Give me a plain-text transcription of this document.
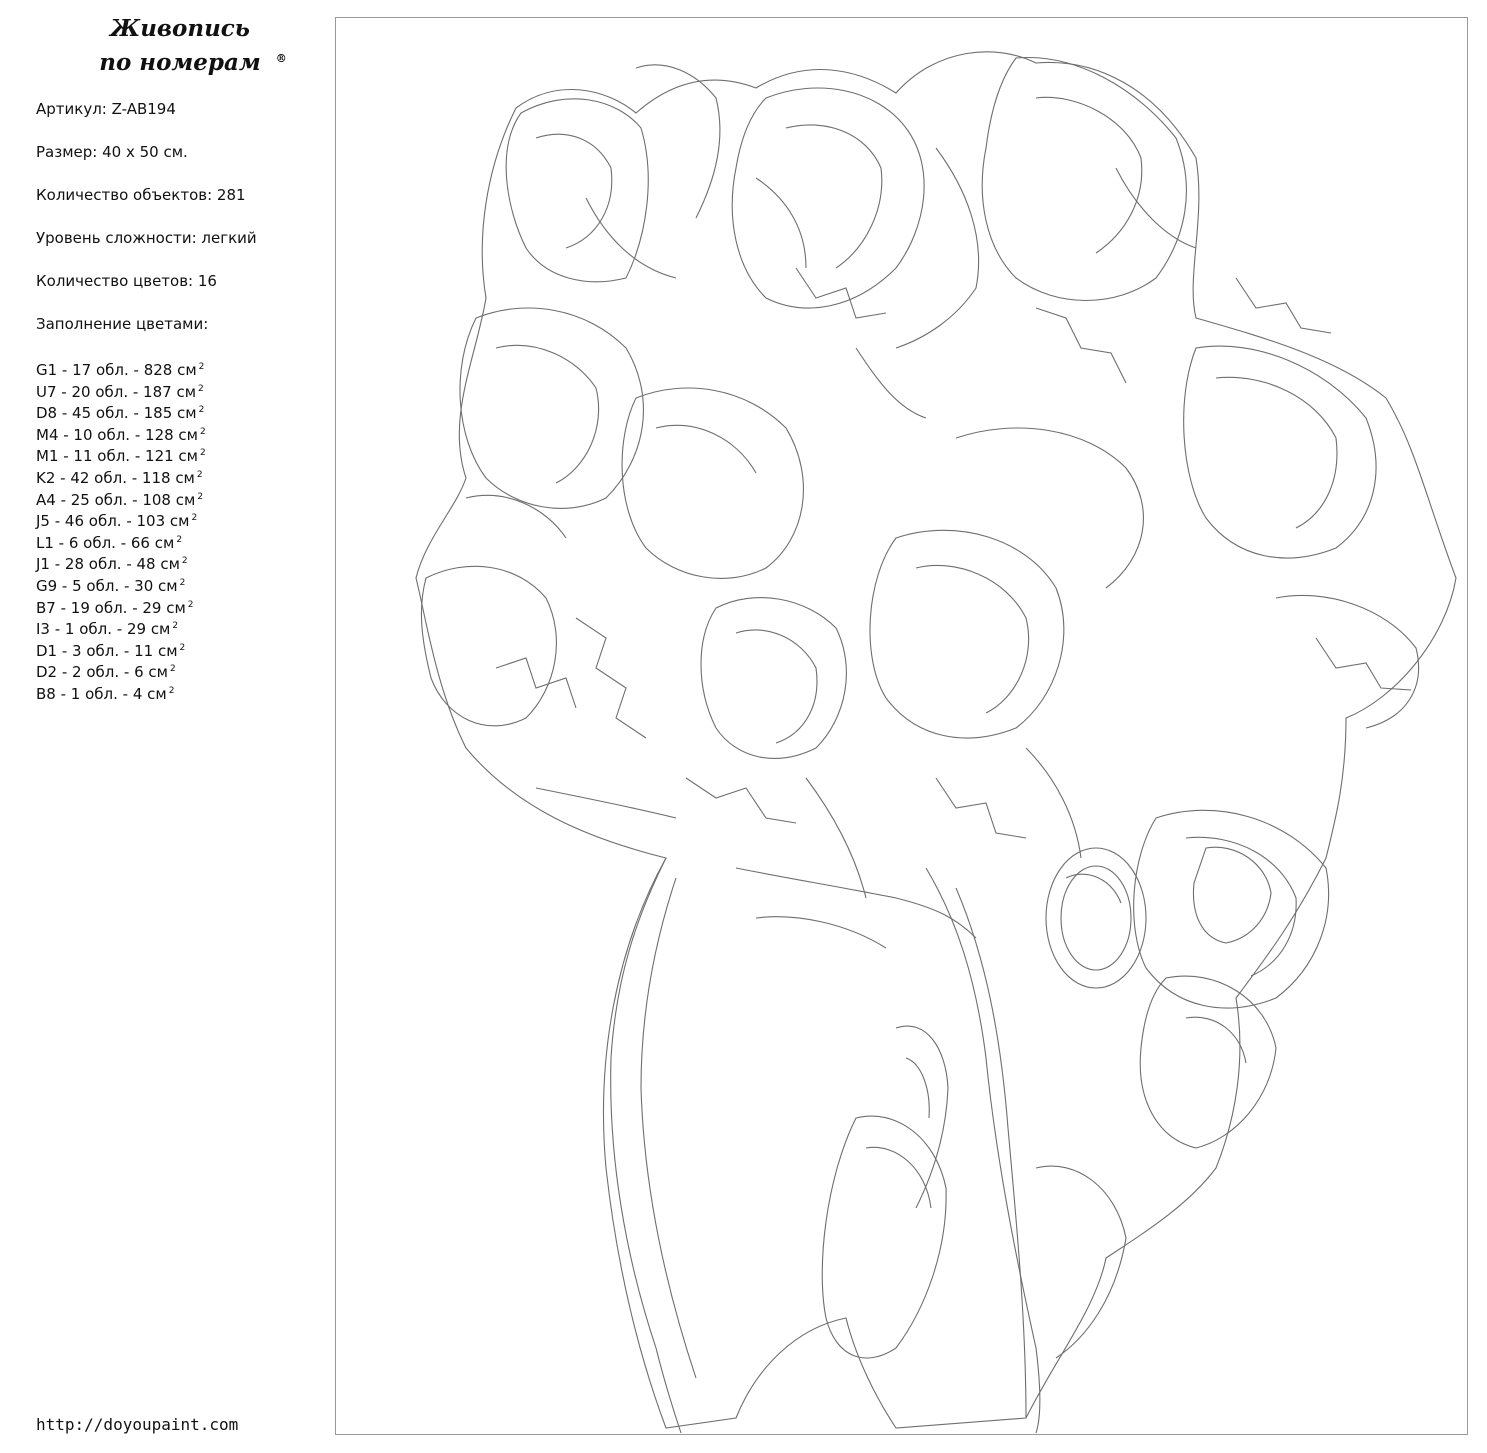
Живопись
по номерам ®

Артикул: Z-AB194

Размер: 40 x 50 см.

Количество объектов: 281

Уровень сложности: легкий

Количество цветов: 16

Заполнение цветами:

G1 - 17 обл. - 828 см $^2$
U7 - 20 обл. - 187 см $^2$
D8 - 45 обл. - 185 см $^2$
M4 - 10 обл. - 128 см $^2$
M1 - 11 обл. - 121 см $^2$
K2 - 42 обл. - 118 см $^2$
A4 - 25 обл. - 108 см $^2$
J5 - 46 обл. - 103 см $^2$
L1 - 6 обл. - 66 см $^2$
J1 - 28 обл. - 48 см $^2$
G9 - 5 обл. - 30 см $^2$
B7 - 19 обл. - 29 см $^2$
I3 - 1 обл. - 29 см $^2$
D1 - 3 обл. - 11 см $^2$
D2 - 2 обл. - 6 см $^2$
B8 - 1 обл. - 4 см $^2$
http://doyoupaint.com
